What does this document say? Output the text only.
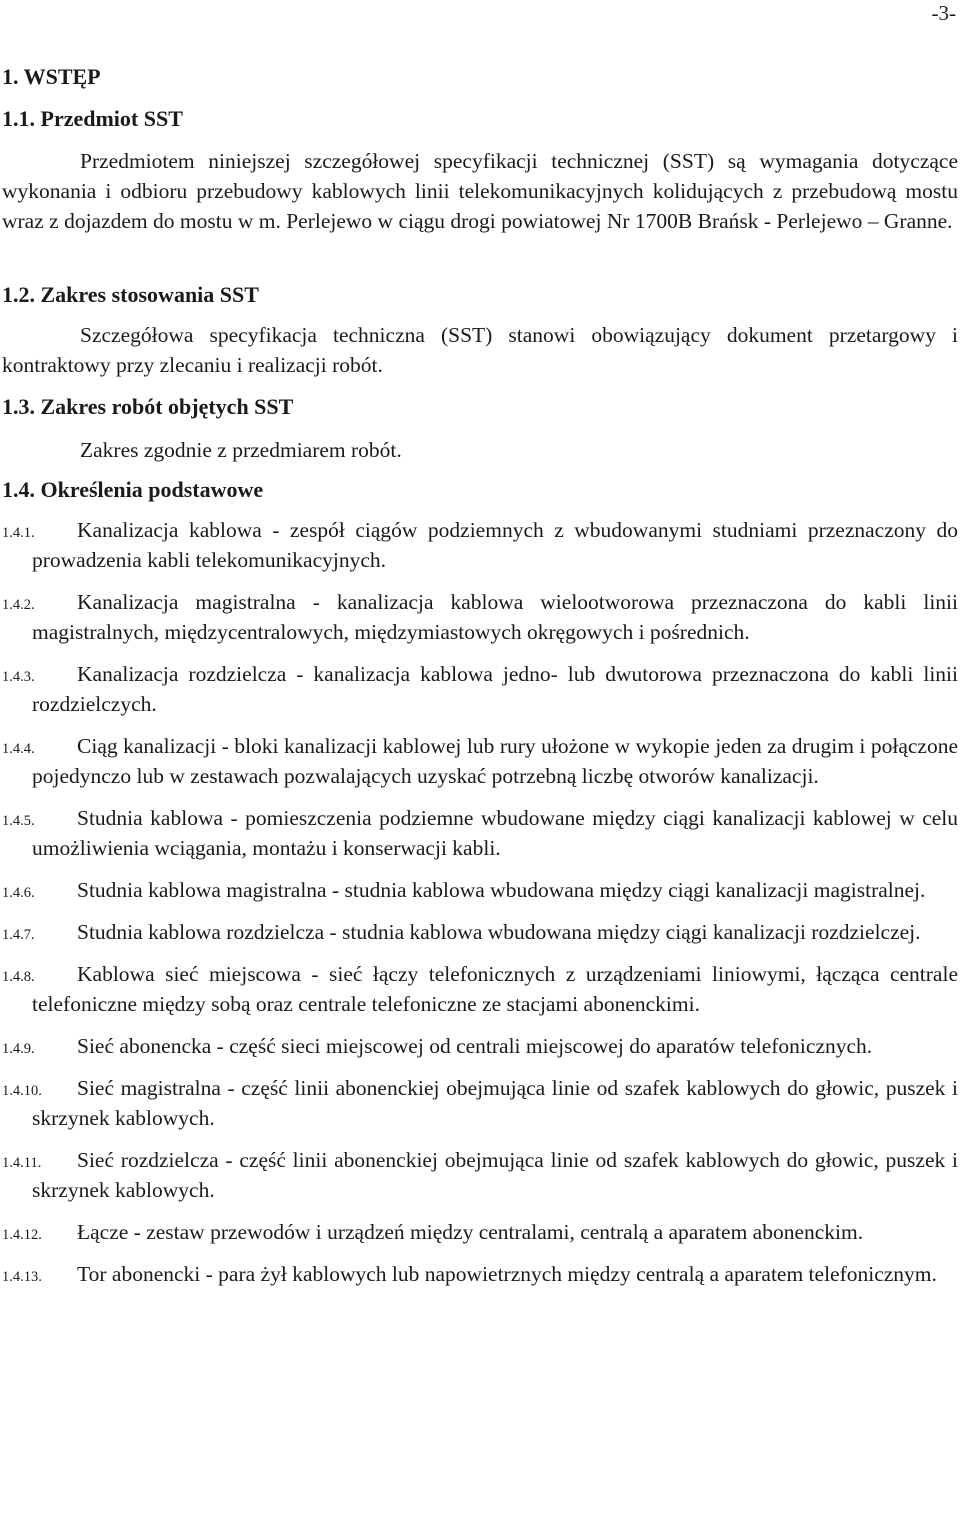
-3-
1. WSTĘP
1.1. Przedmiot SST

Przedmiotem niniejszej szczegółowej specyfikacji technicznej (SST) są wymagania dotyczące wykonania i odbioru przebudowy kablowych linii telekomunikacyjnych kolidujących z przebudową mostu wraz z dojazdem do mostu w m. Perlejewo w ciągu drogi powiatowej Nr 1700B Brańsk - Perlejewo – Granne.

1.2. Zakres stosowania SST

Szczegółowa specyfikacja techniczna (SST) stanowi obowiązujący dokument przetargowy i kontraktowy przy zlecaniu i realizacji robót.

1.3. Zakres robót objętych SST
Zakres zgodnie z przedmiarem robót.
1.4. Określenia podstawowe
1.4.1.	Kanalizacja kablowa - zespół ciągów podziemnych z wbudowanymi studniami przeznaczony do prowadzenia kabli telekomunikacyjnych.

1.4.2.	Kanalizacja magistralna - kanalizacja kablowa wielootworowa przeznaczona do kabli linii magistralnych, międzycentralowych, międzymiastowych okręgowych i pośrednich.

1.4.3.	Kanalizacja rozdzielcza - kanalizacja kablowa jedno- lub dwutorowa przeznaczona do kabli linii rozdzielczych.

1.4.4.	Ciąg kanalizacji - bloki kanalizacji kablowej lub rury ułożone w wykopie jeden za drugim i połączone pojedynczo lub w zestawach pozwalających uzyskać potrzebną liczbę otworów kanalizacji.

1.4.5.	Studnia kablowa - pomieszczenia podziemne wbudowane między ciągi kanalizacji kablowej w celu umożliwienia wciągania, montażu i konserwacji kabli.

1.4.6.	Studnia kablowa magistralna - studnia kablowa wbudowana między ciągi kanalizacji magistralnej.

1.4.7.	Studnia kablowa rozdzielcza - studnia kablowa wbudowana między ciągi kanalizacji rozdzielczej.

1.4.8.	Kablowa sieć miejscowa - sieć łączy telefonicznych z urządzeniami liniowymi, łącząca centrale telefoniczne między sobą oraz centrale telefoniczne ze stacjami abonenckimi.

1.4.9.	Sieć abonencka - część sieci miejscowej od centrali miejscowej do aparatów telefonicznych.

1.4.10.	Sieć magistralna - część linii abonenckiej obejmująca linie od szafek kablowych do głowic, puszek i skrzynek kablowych.

1.4.11.	Sieć rozdzielcza - część linii abonenckiej obejmująca linie od szafek kablowych do głowic, puszek i skrzynek kablowych.

1.4.12.	Łącze - zestaw przewodów i urządzeń między centralami, centralą a aparatem abonenckim.

1.4.13.	Tor abonencki - para żył kablowych lub napowietrznych między centralą a aparatem telefonicznym.
